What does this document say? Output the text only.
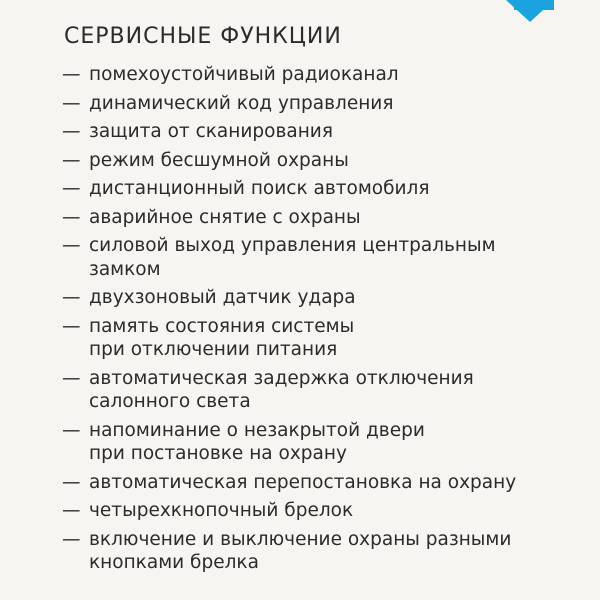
СЕРВИСНЫЕ ФУНКЦИИ
— помехоустойчивый радиоканал
— динамический код управления
— защита от сканирования
— режим бесшумной охраны
— дистанционный поиск автомобиля
— аварийное снятие с охраны
— силовой выход управления центральным
замком
— двухзоновый датчик удара
— память состояния системы
при отключении питания
— автоматическая задержка отключения
салонного света
— напоминание о незакрытой двери
при постановке на охрану
— автоматическая перепостановка на охрану
— четырехкнопочный брелок
— включение и выключение охраны разными
кнопками брелка
